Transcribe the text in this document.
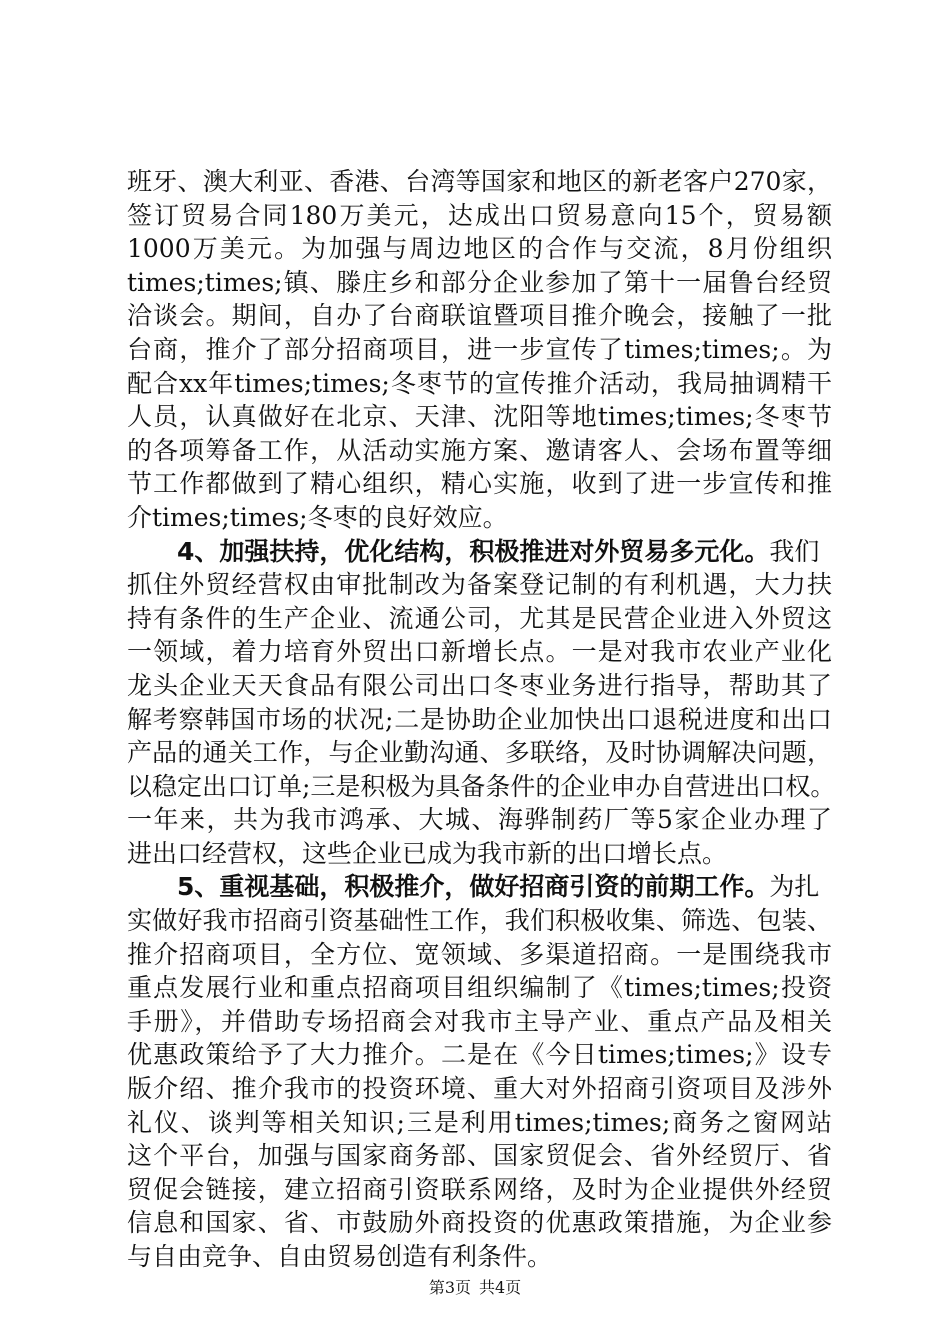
班牙、澳大利亚、香港、台湾等国家和地区的新老客户270家，
签订贸易合同180万美元，达成出口贸易意向15个，贸易额
1000万美元。为加强与周边地区的合作与交流，8月份组织
times;times;镇、滕庄乡和部分企业参加了第十一届鲁台经贸
洽谈会。期间，自办了台商联谊暨项目推介晚会，接触了一批
台商，推介了部分招商项目，进一步宣传了times;times;。为
配合xx年times;times;冬枣节的宣传推介活动，我局抽调精干
人员，认真做好在北京、天津、沈阳等地times;times;冬枣节
的各项筹备工作，从活动实施方案、邀请客人、会场布置等细
节工作都做到了精心组织，精心实施，收到了进一步宣传和推
介times;times;冬枣的良好效应。
4、加强扶持，优化结构，积极推进对外贸易多元化。我们
抓住外贸经营权由审批制改为备案登记制的有利机遇，大力扶
持有条件的生产企业、流通公司，尤其是民营企业进入外贸这
一领域，着力培育外贸出口新增长点。一是对我市农业产业化
龙头企业天天食品有限公司出口冬枣业务进行指导，帮助其了
解考察韩国市场的状况;二是协助企业加快出口退税进度和出口
产品的通关工作，与企业勤沟通、多联络，及时协调解决问题，
以稳定出口订单;三是积极为具备条件的企业申办自营进出口权。
一年来，共为我市鸿承、大城、海骅制药厂等5家企业办理了
进出口经营权，这些企业已成为我市新的出口增长点。
5、重视基础，积极推介，做好招商引资的前期工作。为扎
实做好我市招商引资基础性工作，我们积极收集、筛选、包装、
推介招商项目，全方位、宽领域、多渠道招商。一是围绕我市
重点发展行业和重点招商项目组织编制了《times;times;投资
手册》，并借助专场招商会对我市主导产业、重点产品及相关
优惠政策给予了大力推介。二是在《今日times;times;》设专
版介绍、推介我市的投资环境、重大对外招商引资项目及涉外
礼仪、谈判等相关知识;三是利用times;times;商务之窗网站
这个平台，加强与国家商务部、国家贸促会、省外经贸厅、省
贸促会链接，建立招商引资联系网络，及时为企业提供外经贸
信息和国家、省、市鼓励外商投资的优惠政策措施，为企业参
与自由竞争、自由贸易创造有利条件。
第3页 共4页
